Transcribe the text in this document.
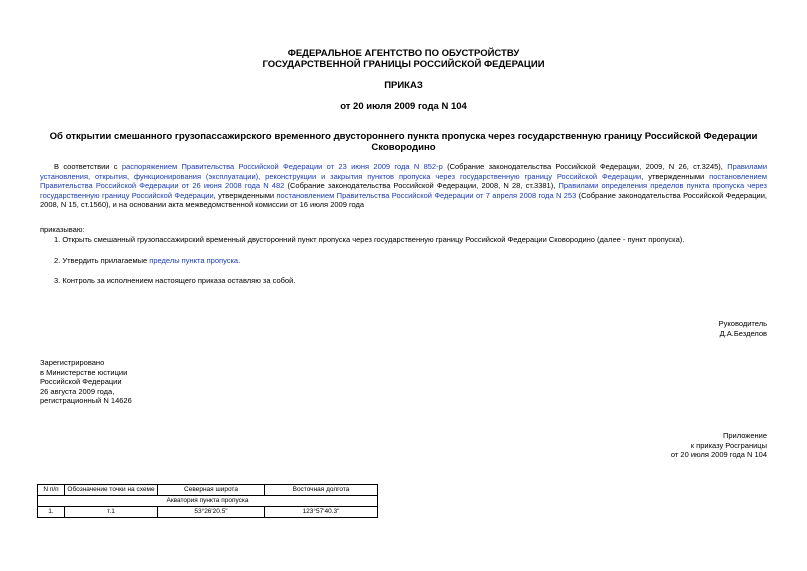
ФЕДЕРАЛЬНОЕ АГЕНТСТВО ПО ОБУСТРОЙСТВУ
ГОСУДАРСТВЕННОЙ ГРАНИЦЫ РОССИЙСКОЙ ФЕДЕРАЦИИ
ПРИКАЗ
от 20 июля 2009 года N 104
Об открытии смешанного грузопассажирского временного двустороннего пункта пропуска через государственную границу Российской Федерации Сковородино
В соответствии с распоряжением Правительства Российской Федерации от 23 июня 2009 года N 852-р (Собрание законодательства Российской Федерации, 2009, N 26, ст.3245), Правилами установления, открытия, функционирования (эксплуатации), реконструкции и закрытия пунктов пропуска через государственную границу Российской Федерации, утвержденными постановлением Правительства Российской Федерации от 26 июня 2008 года N 482 (Собрание законодательства Российской Федерации, 2008, N 28, ст.3381), Правилами определения пределов пункта пропуска через государственную границу Российской Федерации, утвержденными постановлением Правительства Российской Федерации от 7 апреля 2008 года N 253 (Собрание законодательства Российской Федерации, 2008, N 15, ст.1560), и на основании акта межведомственной комиссии от 16 июля 2009 года
приказываю:
1. Открыть смешанный грузопассажирский временный двусторонний пункт пропуска через государственную границу Российской Федерации Сковородино (далее - пункт пропуска).
2. Утвердить прилагаемые пределы пункта пропуска.
3. Контроль за исполнением настоящего приказа оставляю за собой.
Руководитель
Д.А.Безделов
Зарегистрировано
в Министерстве юстиции
Российской Федерации
26 августа 2009 года,
регистрационный N 14626
Приложение
к приказу Росграницы
от 20 июля 2009 года N 104
N п/п	Обозначение точки на схеме	Северная широта	Восточная долгота
Акватория пункта пропуска			
1.	т.1	53°26'20.5"	123°57'40.3"
